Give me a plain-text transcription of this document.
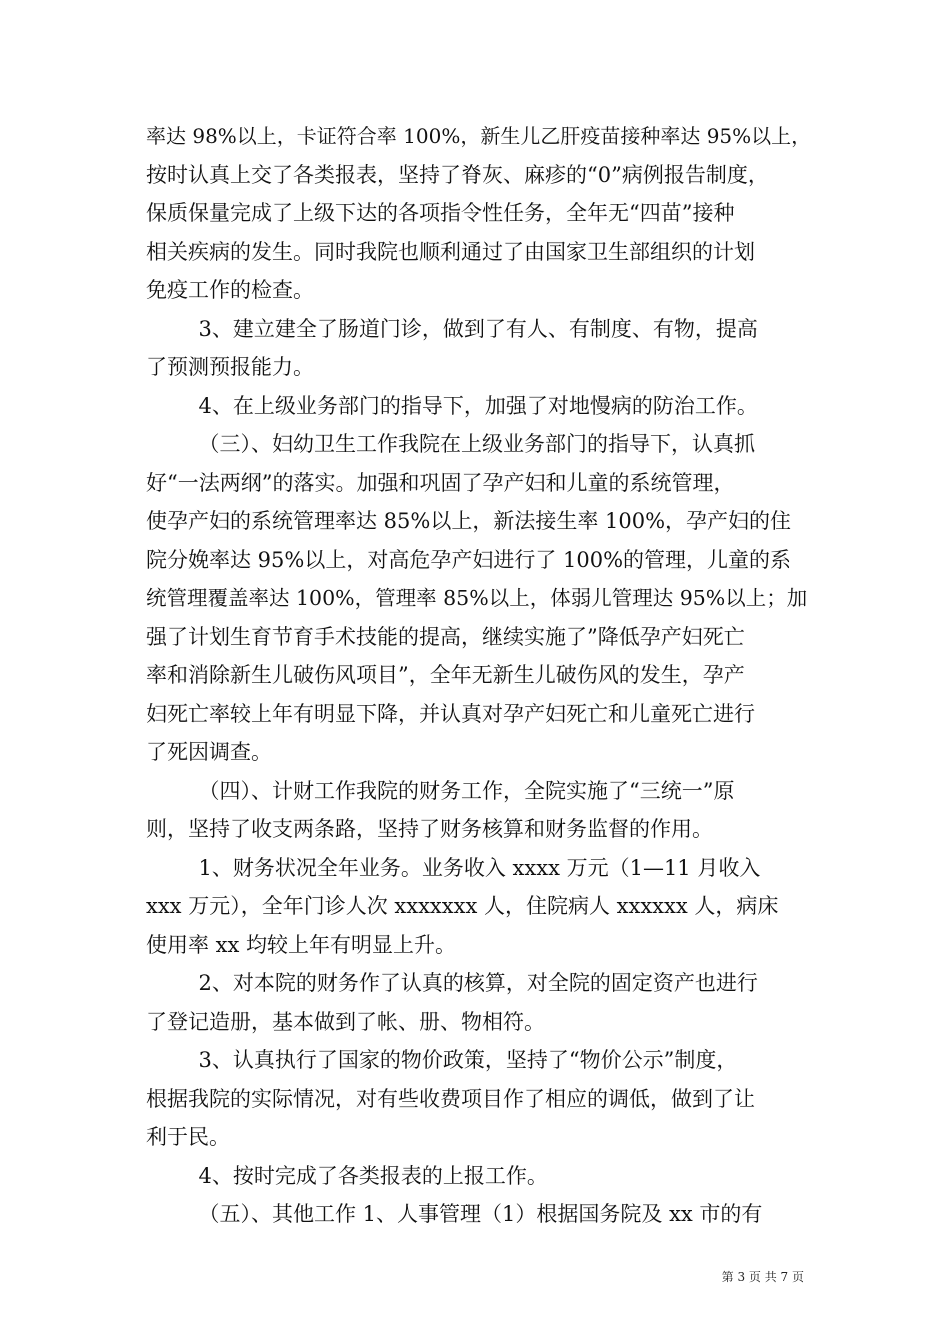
率达 98%以上，卡证符合率 100%，新生儿乙肝疫苗接种率达 95%以上，
按时认真上交了各类报表，坚持了脊灰、麻疹的“0”病例报告制度，
保质保量完成了上级下达的各项指令性任务，全年无“四苗”接种
相关疾病的发生。同时我院也顺利通过了由国家卫生部组织的计划
免疫工作的检查。
3、建立建全了肠道门诊，做到了有人、有制度、有物，提高
了预测预报能力。
4、在上级业务部门的指导下，加强了对地慢病的防治工作。
（三）、妇幼卫生工作我院在上级业务部门的指导下，认真抓
好“一法两纲”的落实。加强和巩固了孕产妇和儿童的系统管理，
使孕产妇的系统管理率达 85%以上，新法接生率 100%，孕产妇的住
院分娩率达 95%以上，对高危孕产妇进行了 100%的管理，儿童的系
统管理覆盖率达 100%，管理率 85%以上，体弱儿管理达 95%以上；加
强了计划生育节育手术技能的提高，继续实施了”降低孕产妇死亡
率和消除新生儿破伤风项目”，全年无新生儿破伤风的发生，孕产
妇死亡率较上年有明显下降，并认真对孕产妇死亡和儿童死亡进行
了死因调查。
（四）、计财工作我院的财务工作，全院实施了“三统一”原
则，坚持了收支两条路，坚持了财务核算和财务监督的作用。
1、财务状况全年业务。业务收入 xxxx 万元（1—11 月收入
xxx 万元），全年门诊人次 xxxxxxx 人，住院病人 xxxxxx 人，病床
使用率 xx 均较上年有明显上升。
2、对本院的财务作了认真的核算，对全院的固定资产也进行
了登记造册，基本做到了帐、册、物相符。
3、认真执行了国家的物价政策，坚持了“物价公示”制度，
根据我院的实际情况，对有些收费项目作了相应的调低，做到了让
利于民。
4、按时完成了各类报表的上报工作。
（五）、其他工作 1、人事管理（1）根据国务院及 xx 市的有
第 3 页 共 7 页
